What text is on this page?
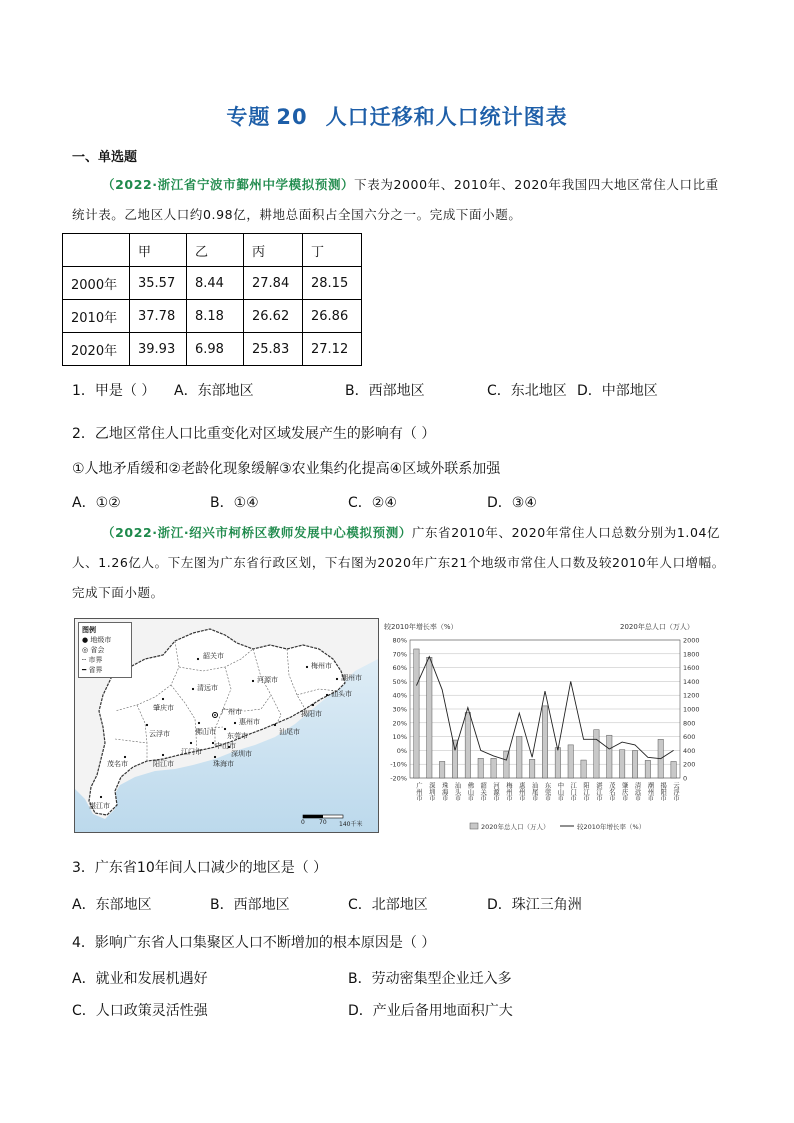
专题 20 人口迁移和人口统计图表
一、单选题
（2022·浙江省宁波市鄞州中学模拟预测）下表为2000年、2010年、2020年我国四大地区常住人口比重统计表。乙地区人口约0.98亿，耕地总面积占全国六分之一。完成下面小题。
	甲	乙	丙	丁
2000年	35.57	8.44	27.84	28.15
2010年	37.78	8.18	26.62	26.86
2020年	39.93	6.98	25.83	27.12
1．甲是（ ） A．东部地区	B．西部地区	C．东北地区 D．中部地区
2．乙地区常住人口比重变化对区域发展产生的影响有（ ）
①人地矛盾缓和②老龄化现象缓解③农业集约化提高④区域外联系加强
A．①②	B．①④	C．②④	D．③④
（2022·浙江·绍兴市柯桥区教师发展中心模拟预测）广东省2010年、2020年常住人口总数分别为1.04亿人、1.26亿人。下左图为广东省行政区划，下右图为2020年广东21个地级市常住人口数及较2010年人口增幅。完成下面小题。
图例
● 地级市
◎ 省会
┄ 市界
━ 省界
韶关市
清远市
河源市
梅州市
肇庆市	广州市
惠州市
揭阳市
汕头市
佛山市 东莞市	汕尾市
云浮市
江门市
中山市
深圳市
珠海市
茂名市	阳江市
湛江市
潮州市
0 70 140千米
较2010年增长率（%）	2020年总人口（万人）
80%	2000
70%	1800
60%	1600
50%	1400
40%	1200
30%	1000
20%	800
10%	600
0%	400
-10%	200
-20%	0
广州市 深圳市 珠海市 汕头市 佛山市 韶关市 河源市 梅州市 惠州市 汕尾市 东莞市 中山市 江门市 阳江市 湛江市 茂名市 肇庆市 清远市 潮州市 揭阳市 云浮市
2020年总人口（万人）	较2010年增长率（%）
3．广东省10年间人口减少的地区是（ ）
A．东部地区	B．西部地区	C．北部地区	D．珠江三角洲
4．影响广东省人口集聚区人口不断增加的根本原因是（ ）
A．就业和发展机遇好	B．劳动密集型企业迁入多
C．人口政策灵活性强	D．产业后备用地面积广大
